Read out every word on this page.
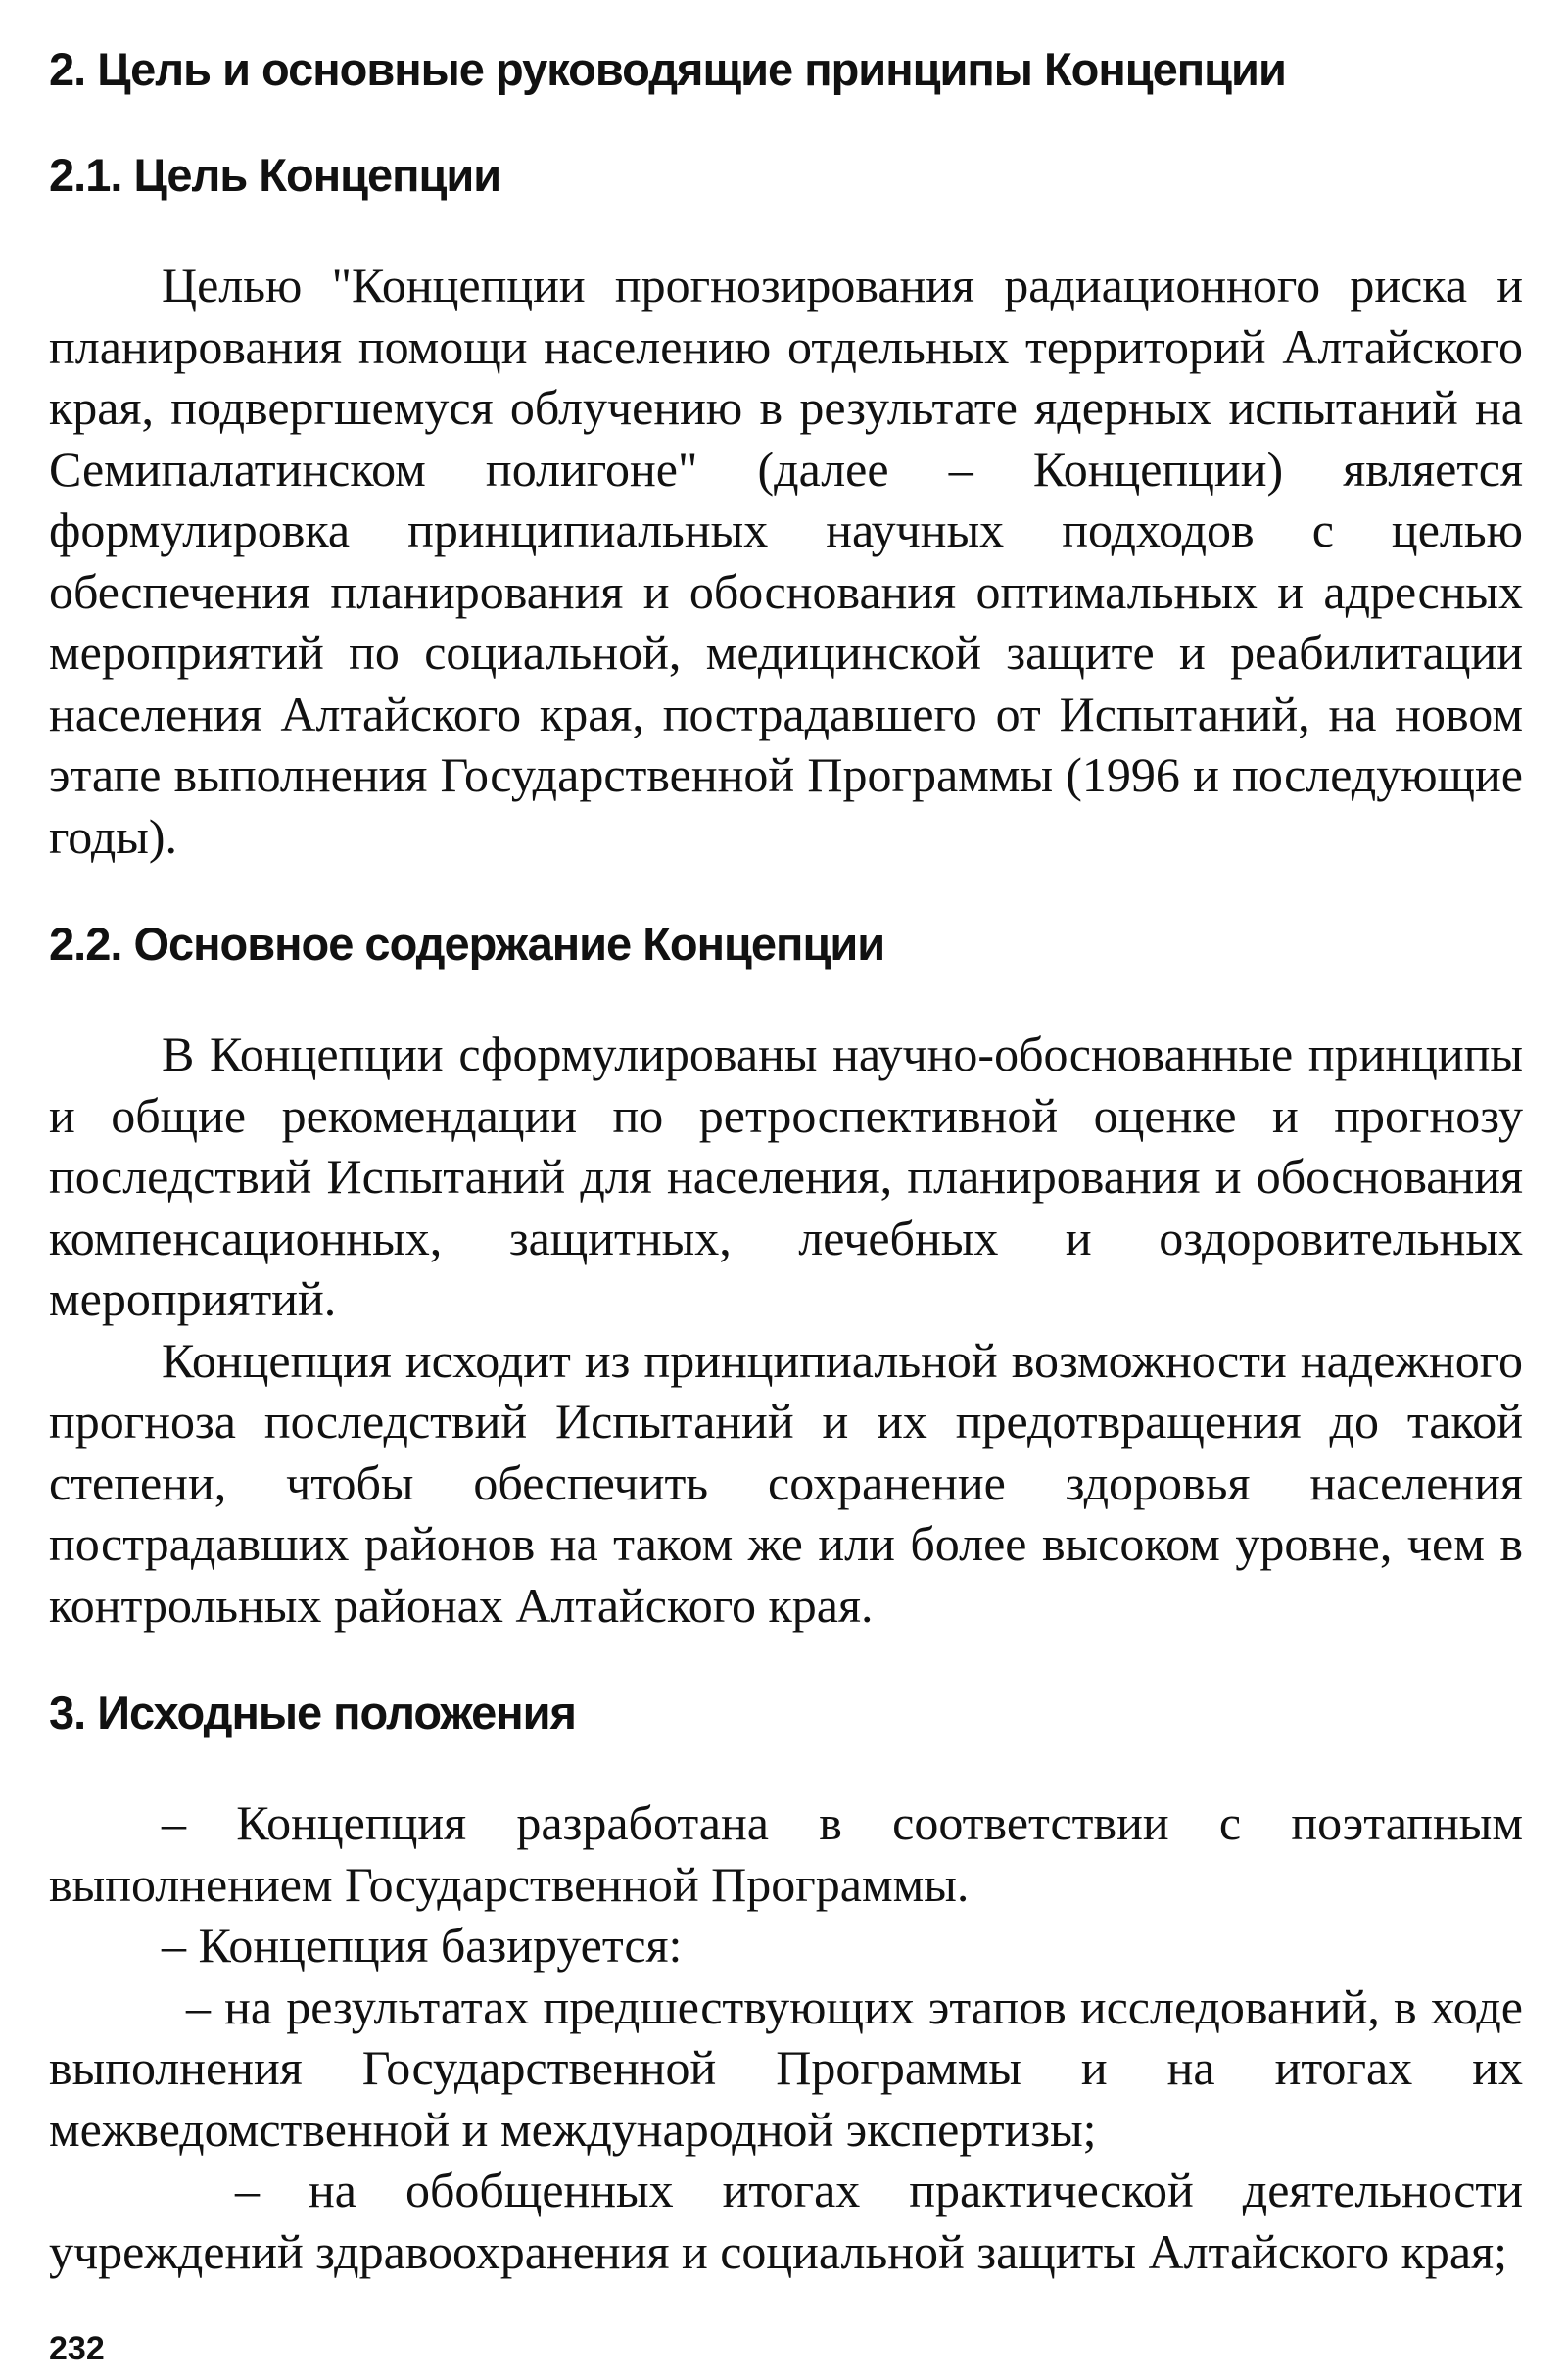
2. Цель и основные руководящие принципы Концепции
2.1. Цель Концепции

Целью "Концепции прогнозирования радиационного риска и планирования помощи населению отдельных территорий Алтайского края, подвергшемуся облучению в результате ядерных испытаний на Семипалатинском полигоне" (далее – Концепции) является формулировка принципиальных научных подходов с целью обеспечения планирования и обоснования оптимальных и адресных мероприятий по социальной, медицинской защите и реабилитации населения Алтайского края, пострадавшего от Испытаний, на новом этапе выполнения Государственной Программы (1996 и последующие годы).

2.2. Основное содержание Концепции

В Концепции сформулированы научно-обоснованные принципы и общие рекомендации по ретроспективной оценке и прогнозу последствий Испытаний для населения, планирования и обоснования компенсационных, защитных, лечебных и оздоровительных мероприятий.

Концепция исходит из принципиальной возможности надежного прогноза последствий Испытаний и их предотвращения до такой степени, чтобы обеспечить сохранение здоровья населения пострадавших районов на таком же или более высоком уровне, чем в контрольных районах Алтайского края.

3. Исходные положения

– Концепция разработана в соответствии с поэтапным выполнением Государственной Программы.

– Концепция базируется:

– на результатах предшествующих этапов исследований, в ходе выполнения Государственной Программы и на итогах их межведомственной и международной экспертизы;

– на обобщенных итогах практической деятельности учреждений здравоохранения и социальной защиты Алтайского края;

232
